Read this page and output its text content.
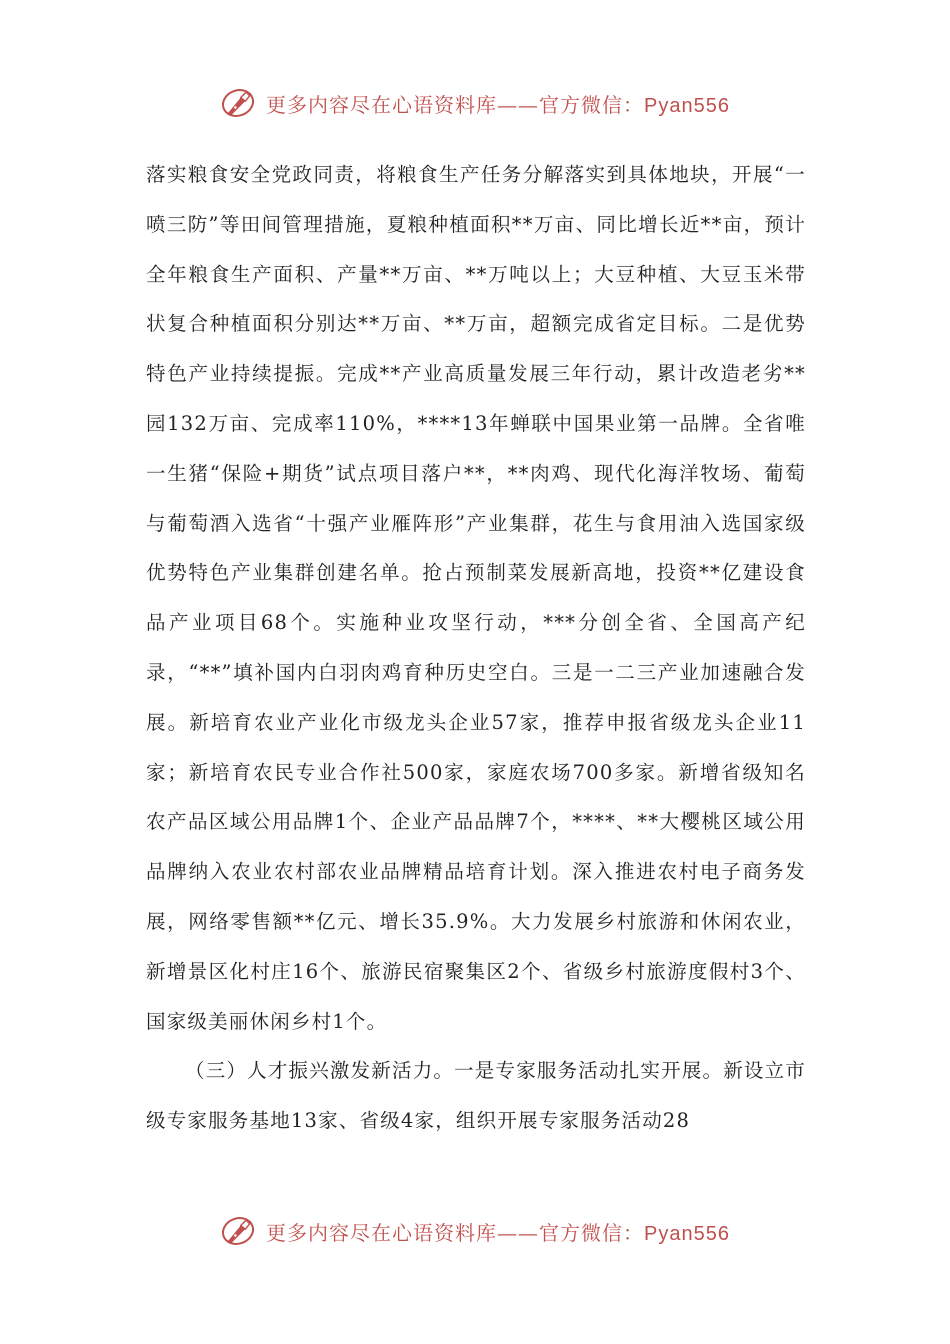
更多内容尽在心语资料库——官方微信：Pyan556

落实粮食安全党政同责，将粮食生产任务分解落实到具体地块，开展“一喷三防”等田间管理措施，夏粮种植面积**万亩、同比增长近**亩，预计全年粮食生产面积、产量**万亩、**万吨以上；大豆种植、大豆玉米带状复合种植面积分别达**万亩、**万亩，超额完成省定目标。二是优势特色产业持续提振。完成**产业高质量发展三年行动，累计改造老劣**园132万亩、完成率110%，****13年蝉联中国果业第一品牌。全省唯一生猪“保险+期货”试点项目落户**，**肉鸡、现代化海洋牧场、葡萄与葡萄酒入选省“十强产业雁阵形”产业集群，花生与食用油入选国家级优势特色产业集群创建名单。抢占预制菜发展新高地，投资**亿建设食品产业项目68个。实施种业攻坚行动，***分创全省、全国高产纪录，“**”填补国内白羽肉鸡育种历史空白。三是一二三产业加速融合发展。新培育农业产业化市级龙头企业57家，推荐申报省级龙头企业11家；新培育农民专业合作社500家，家庭农场700多家。新增省级知名农产品区域公用品牌1个、企业产品品牌7个，****、**大樱桃区域公用品牌纳入农业农村部农业品牌精品培育计划。深入推进农村电子商务发展，网络零售额**亿元、增长35.9%。大力发展乡村旅游和休闲农业，新增景区化村庄16个、旅游民宿聚集区2个、省级乡村旅游度假村3个、国家级美丽休闲乡村1个。

（三）人才振兴激发新活力。一是专家服务活动扎实开展。新设立市级专家服务基地13家、省级4家，组织开展专家服务活动28

更多内容尽在心语资料库——官方微信：Pyan556
